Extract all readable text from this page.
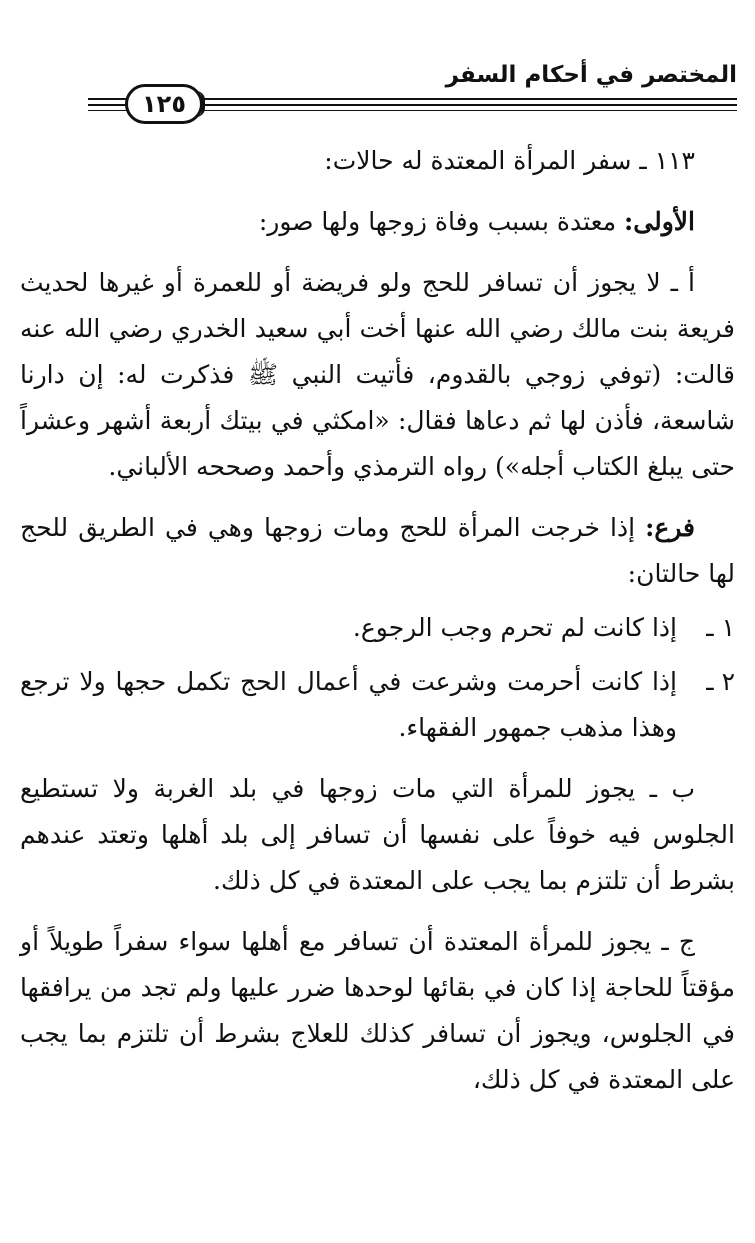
المختصر في أحكام السفر
١٢٥

١١٣ ـ سفر المرأة المعتدة له حالات:

الأولى: معتدة بسبب وفاة زوجها ولها صور:

أ ـ لا يجوز أن تسافر للحج ولو فريضة أو للعمرة أو غيرها لحديث فريعة بنت مالك رضي الله عنها أخت أبي سعيد الخدري رضي الله عنه قالت: (توفي زوجي بالقدوم، فأتيت النبي ﷺ فذكرت له: إن دارنا شاسعة، فأذن لها ثم دعاها فقال: «امكثي في بيتك أربعة أشهر وعشراً حتى يبلغ الكتاب أجله») رواه الترمذي وأحمد وصححه الألباني.

فرع: إذا خرجت المرأة للحج ومات زوجها وهي في الطريق للحج لها حالتان:

١ ـإذا كانت لم تحرم وجب الرجوع.

٢ ـإذا كانت أحرمت وشرعت في أعمال الحج تكمل حجها ولا ترجع وهذا مذهب جمهور الفقهاء.

ب ـ يجوز للمرأة التي مات زوجها في بلد الغربة ولا تستطيع الجلوس فيه خوفاً على نفسها أن تسافر إلى بلد أهلها وتعتد عندهم بشرط أن تلتزم بما يجب على المعتدة في كل ذلك.

ج ـ يجوز للمرأة المعتدة أن تسافر مع أهلها سواء سفراً طويلاً أو مؤقتاً للحاجة إذا كان في بقائها لوحدها ضرر عليها ولم تجد من يرافقها في الجلوس، ويجوز أن تسافر كذلك للعلاج بشرط أن تلتزم بما يجب على المعتدة في كل ذلك،
